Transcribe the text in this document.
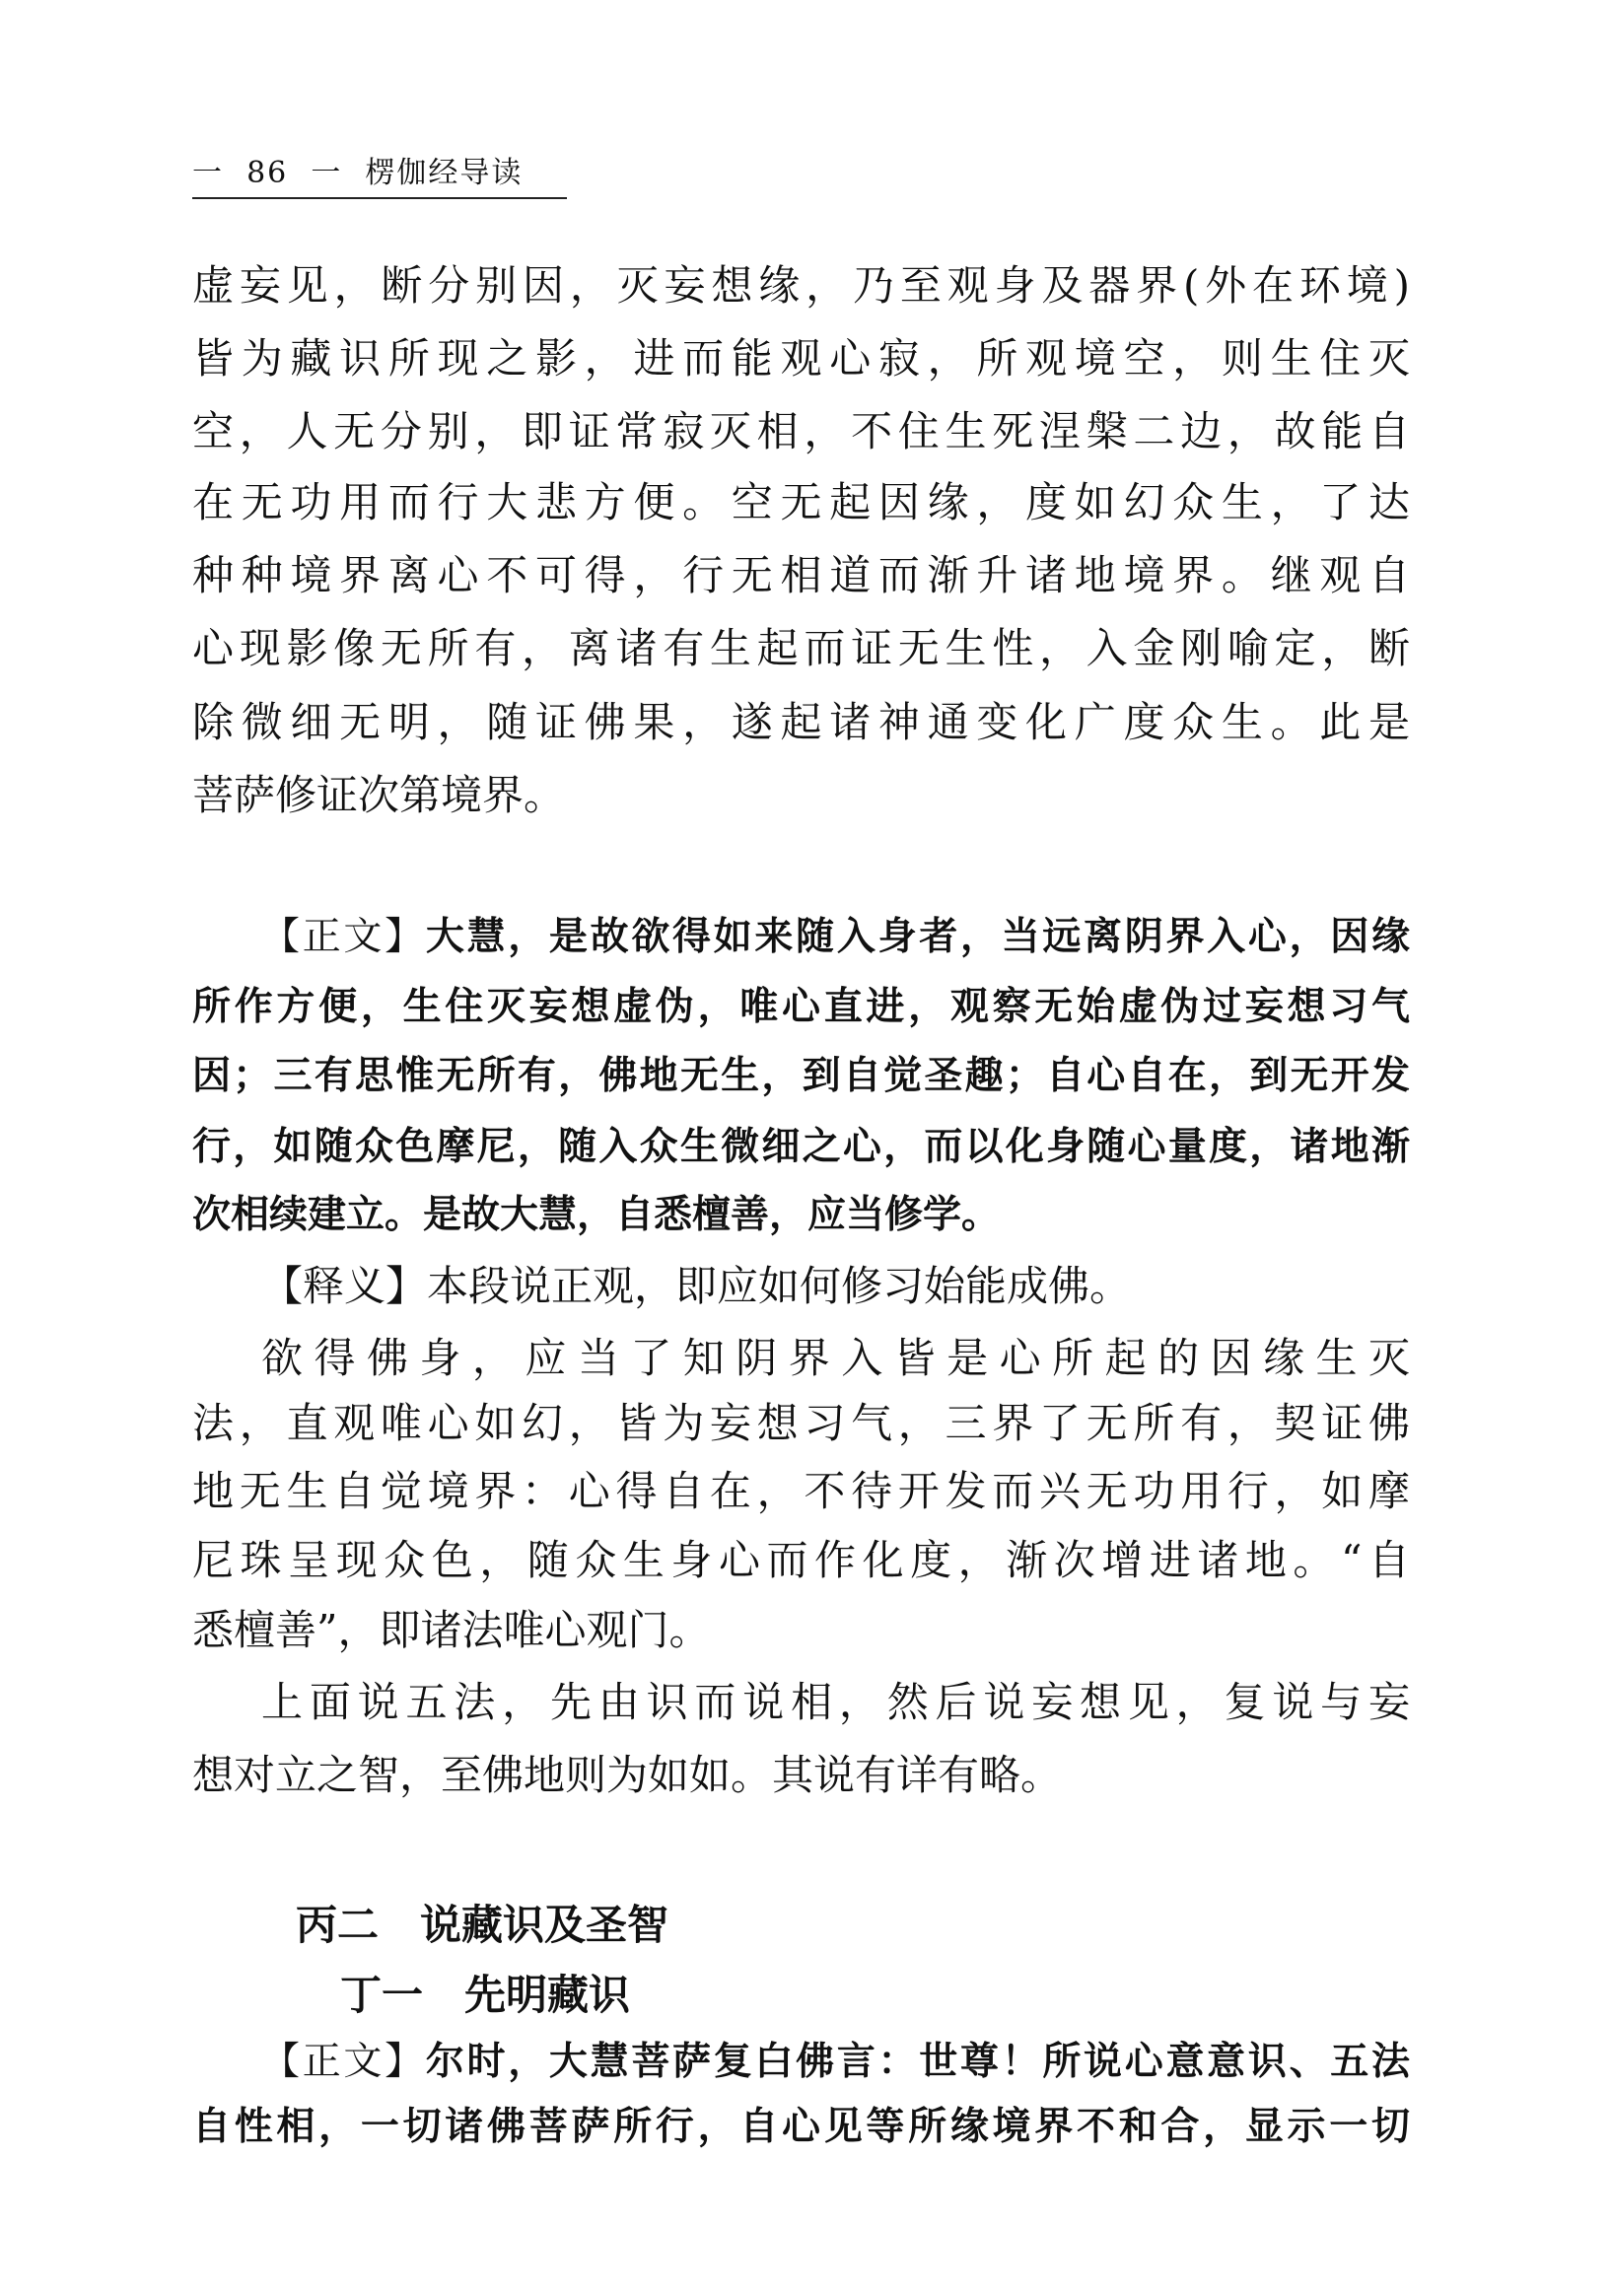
一  86  一 楞伽经导读
虚妄见，断分别因，灭妄想缘，乃至观身及器界(外在环境)
皆为藏识所现之影，进而能观心寂，所观境空，则生住灭
空，人无分别，即证常寂灭相，不住生死涅槃二边，故能自
在无功用而行大悲方便。空无起因缘，度如幻众生，了达
种种境界离心不可得，行无相道而渐升诸地境界。继观自
心现影像无所有，离诸有生起而证无生性，入金刚喻定，断
除微细无明，随证佛果，遂起诸神通变化广度众生。此是
菩萨修证次第境界。
【正文】大慧，是故欲得如来随入身者，当远离阴界入心，因缘
所作方便，生住灭妄想虚伪，唯心直进，观察无始虚伪过妄想习气
因；三有思惟无所有，佛地无生，到自觉圣趣；自心自在，到无开发
行，如随众色摩尼，随入众生微细之心，而以化身随心量度，诸地渐
次相续建立。是故大慧，自悉檀善，应当修学。
【释义】本段说正观，即应如何修习始能成佛。
欲得佛身，应当了知阴界入皆是心所起的因缘生灭
法，直观唯心如幻，皆为妄想习气，三界了无所有，契证佛
地无生自觉境界：心得自在，不待开发而兴无功用行，如摩
尼珠呈现众色，随众生身心而作化度，渐次增进诸地。“自
悉檀善”，即诸法唯心观门。
上面说五法，先由识而说相，然后说妄想见，复说与妄
想对立之智，至佛地则为如如。其说有详有略。
丙二　说藏识及圣智
丁一　先明藏识
【正文】尔时，大慧菩萨复白佛言：世尊！所说心意意识、五法
自性相，一切诸佛菩萨所行，自心见等所缘境界不和合，显示一切
